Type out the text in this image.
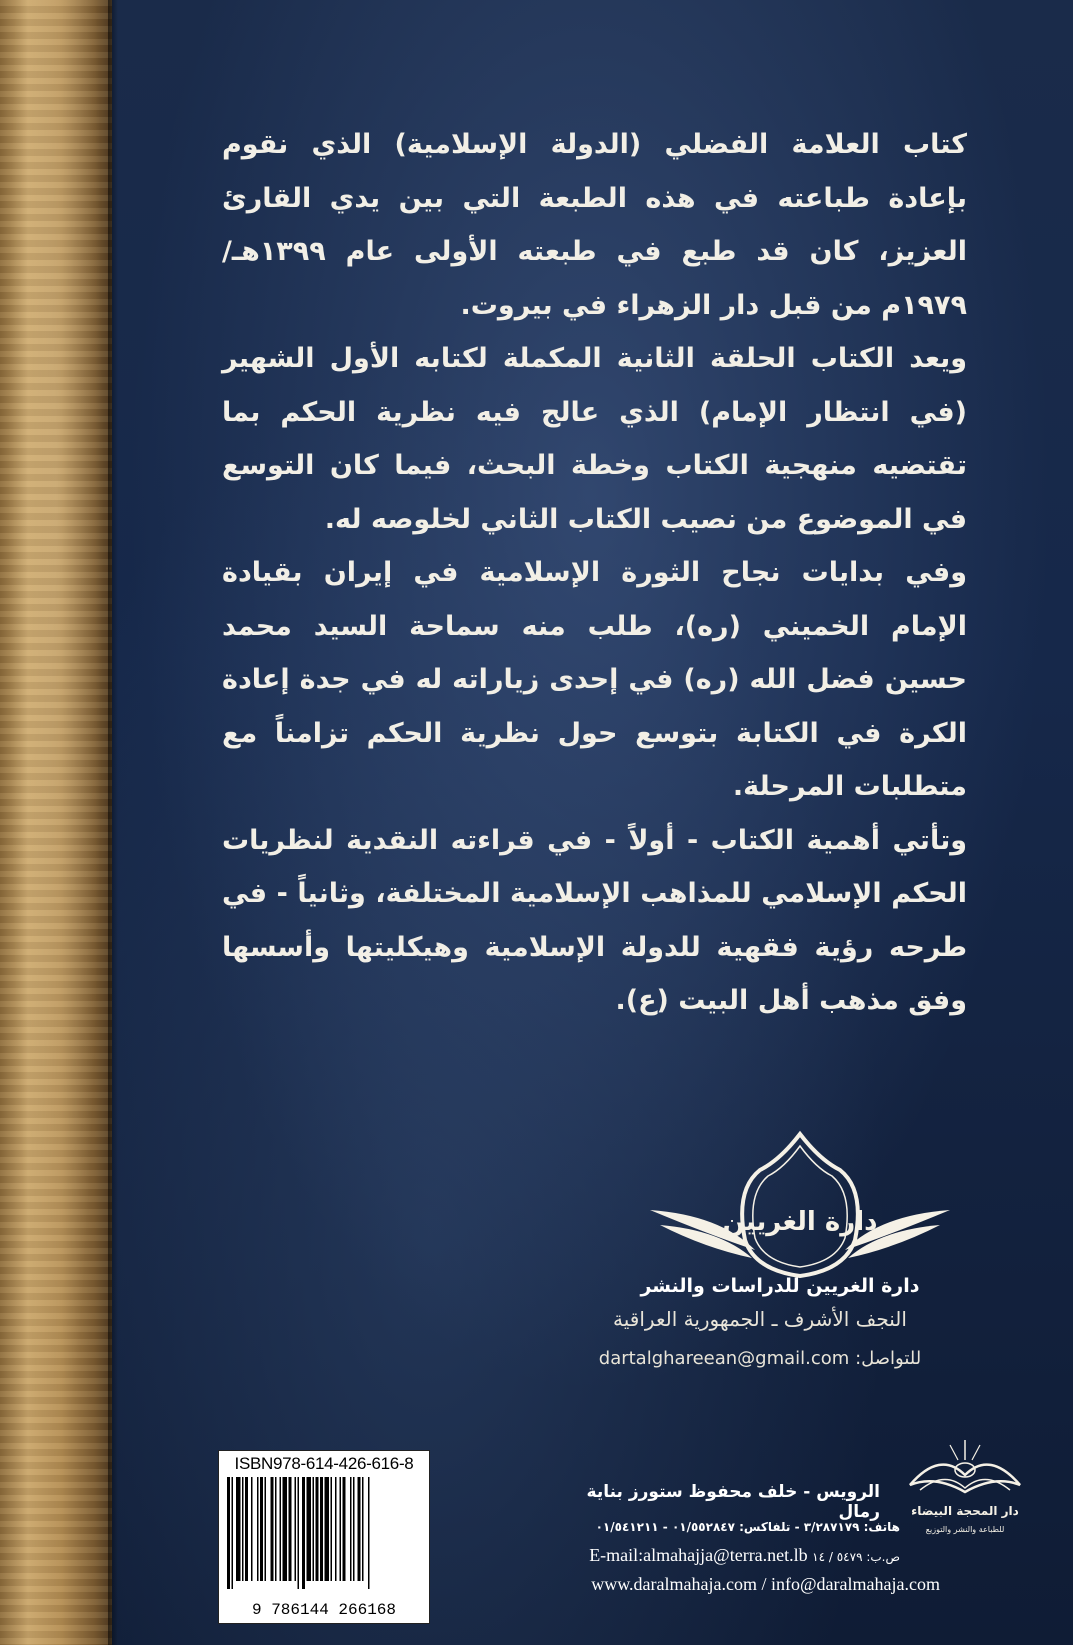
كتاب العلامة الفضلي (الدولة الإسلامية) الذي نقوم بإعادة طباعته في هذه الطبعة التي بين يدي القارئ العزيز، كان قد طبع في طبعته الأولى عام ١٣٩٩هـ/١٩٧٩م من قبل دار الزهراء في بيروت.

ويعد الكتاب الحلقة الثانية المكملة لكتابه الأول الشهير (في انتظار الإمام) الذي عالج فيه نظرية الحكم بما تقتضيه منهجية الكتاب وخطة البحث، فيما كان التوسع في الموضوع من نصيب الكتاب الثاني لخلوصه له.

وفي بدايات نجاح الثورة الإسلامية في إيران بقيادة الإمام الخميني (ره)، طلب منه سماحة السيد محمد حسين فضل الله (ره) في إحدى زياراته له في جدة إعادة الكرة في الكتابة بتوسع حول نظرية الحكم تزامناً مع متطلبات المرحلة.

وتأتي أهمية الكتاب - أولاً - في قراءته النقدية لنظريات الحكم الإسلامي للمذاهب الإسلامية المختلفة، وثانياً - في طرحه رؤية فقهية للدولة الإسلامية وهيكليتها وأسسها وفق مذهب أهل البيت (ع).

دارة الغريين
دارة الغريين للدراسات والنشر
النجف الأشرف ـ الجمهورية العراقية
dartalghareean@gmail.com للتواصل:
ISBN978-614-426-616-8
9 786144 266168
دار المحجة البيضاء
للطباعة والنشر والتوزيع
الرويس - خلف محفوظ ستورز بناية رمال
هاتف: ٣/٢٨٧١٧٩ - تلفاكس: ٠١/٥٥٢٨٤٧ - ٠١/٥٤١٢١١
E-mail:almahajja@terra.net.lb ص.ب: ٥٤٧٩ / ١٤
www.daralmahaja.com / info@daralmahaja.com
